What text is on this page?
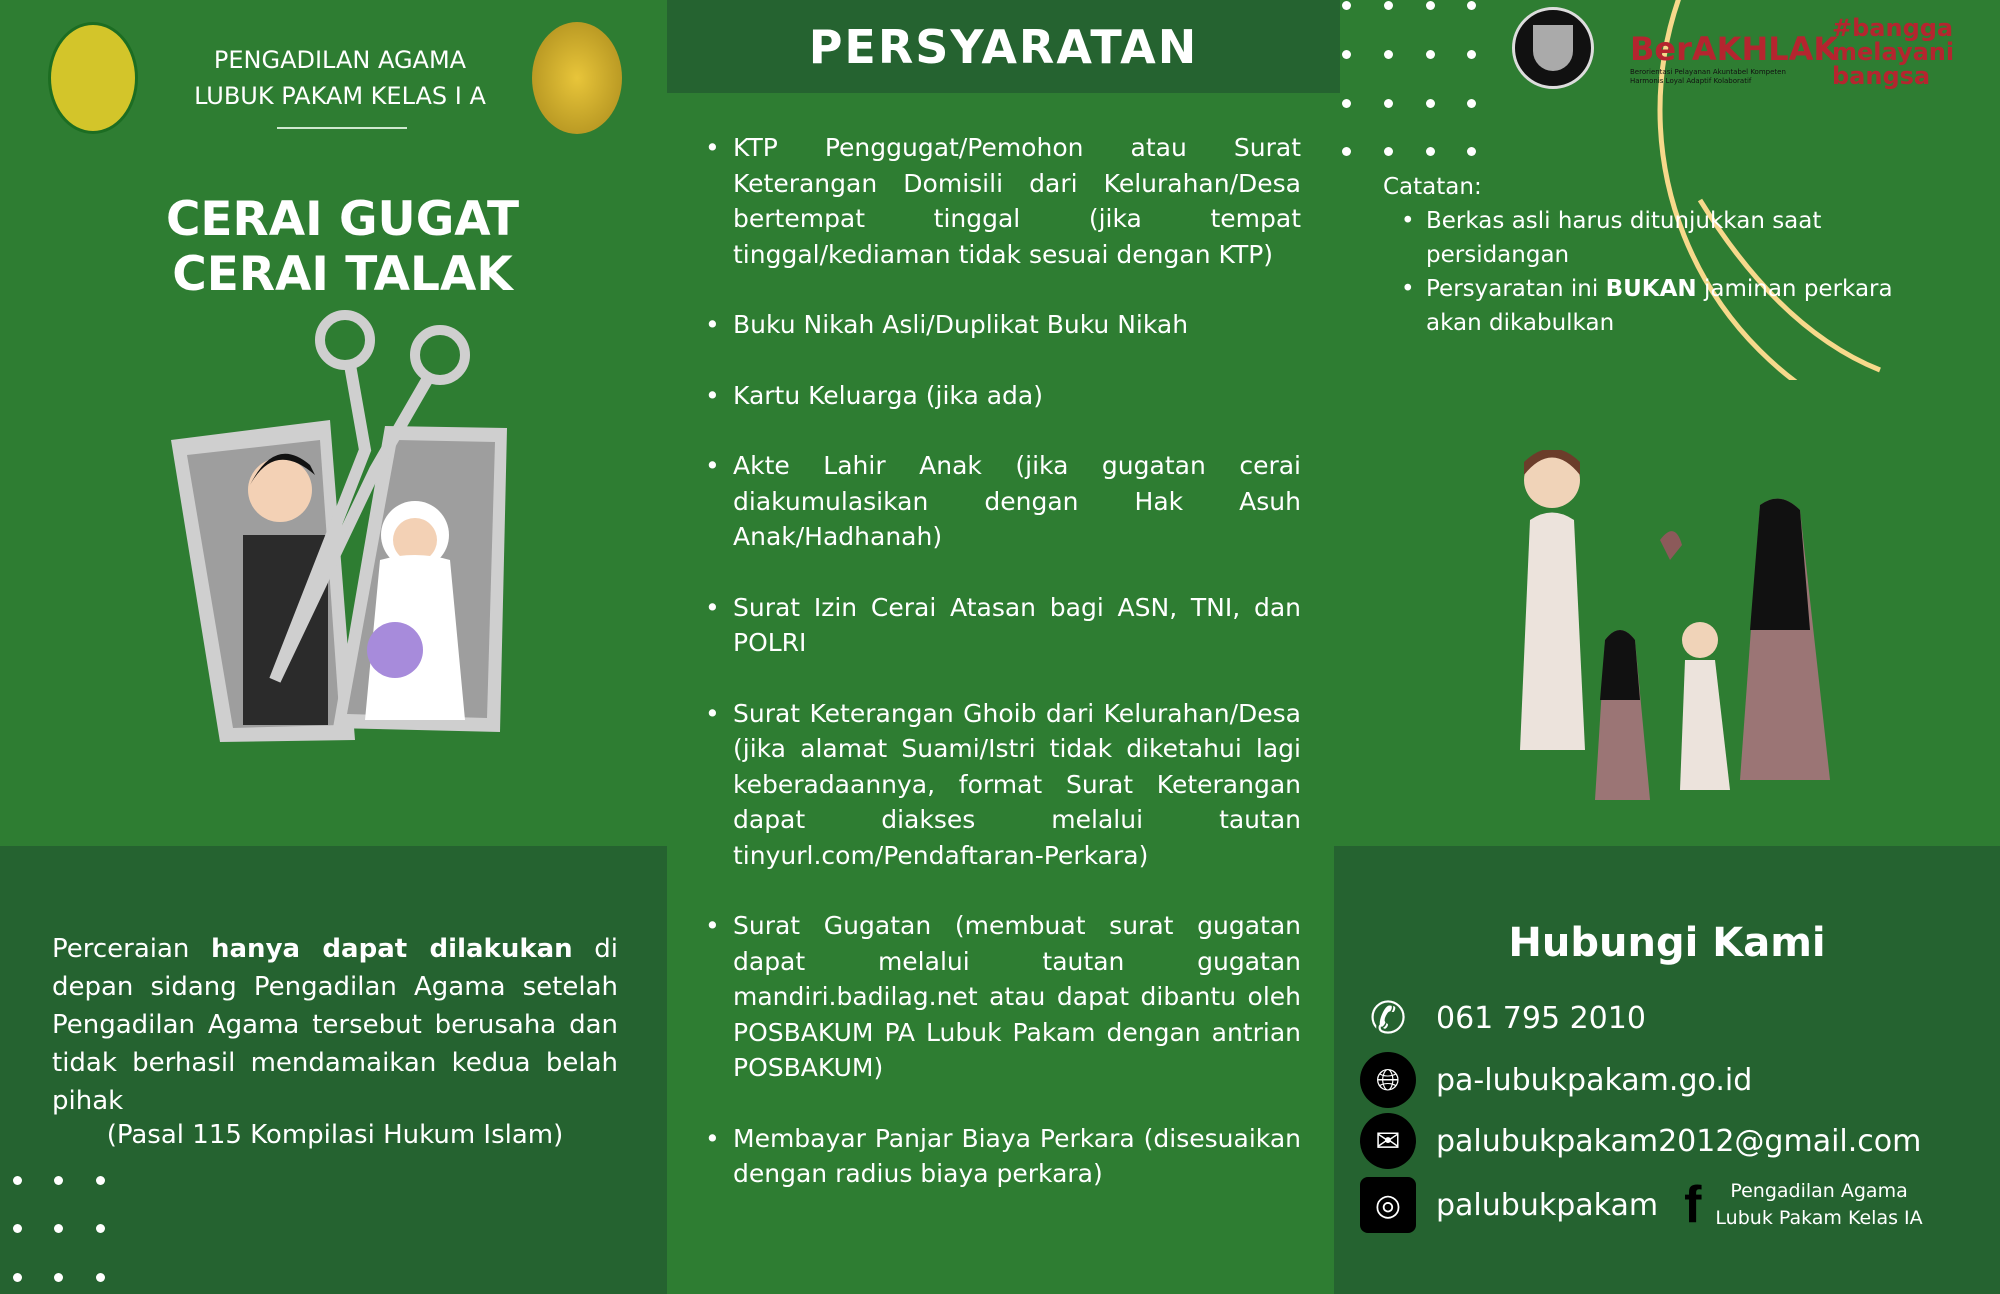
PENGADILAN AGAMA
LUBUK PAKAM KELAS I A
CERAI GUGAT
CERAI TALAK
PERSYARATAN
• KTP Penggugat/Pemohon atau Surat Keterangan Domisili dari Kelurahan/Desa bertempat tinggal (jika tempat tinggal/kediaman tidak sesuai dengan KTP)
• Buku Nikah Asli/Duplikat Buku Nikah
• Kartu Keluarga (jika ada)
• Akte Lahir Anak (jika gugatan cerai diakumulasikan dengan Hak Asuh Anak/Hadhanah)
• Surat Izin Cerai Atasan bagi ASN, TNI, dan POLRI
• Surat Keterangan Ghoib dari Kelurahan/Desa (jika alamat Suami/Istri tidak diketahui lagi keberadaannya, format Surat Keterangan dapat diakses melalui tautan tinyurl.com/Pendaftaran-Perkara)
• Surat Gugatan (membuat surat gugatan dapat melalui tautan gugatan mandiri.badilag.net atau dapat dibantu oleh POSBAKUM PA Lubuk Pakam dengan antrian POSBAKUM)
• Membayar Panjar Biaya Perkara (disesuaikan dengan radius biaya perkara)
Perceraian hanya dapat dilakukan di depan sidang Pengadilan Agama setelah Pengadilan Agama tersebut berusaha dan tidak berhasil mendamaikan kedua belah pihak
(Pasal 115 Kompilasi Hukum Islam)
BerAKHLAK
Berorientasi Pelayanan Akuntabel Kompeten Harmonis Loyal Adaptif Kolaboratif
#bangga melayani bangsa
Catatan:
• Berkas asli harus ditunjukkan saat persidangan
• Persyaratan ini BUKAN jaminan perkara akan dikabulkan
Hubungi Kami
✆ 061 795 2010
🌐︎	pa-lubukpakam.go.id
✉	palubukpakam2012@gmail.com
◎	palubukpakam f	Pengadilan Agama
Lubuk Pakam Kelas IA
